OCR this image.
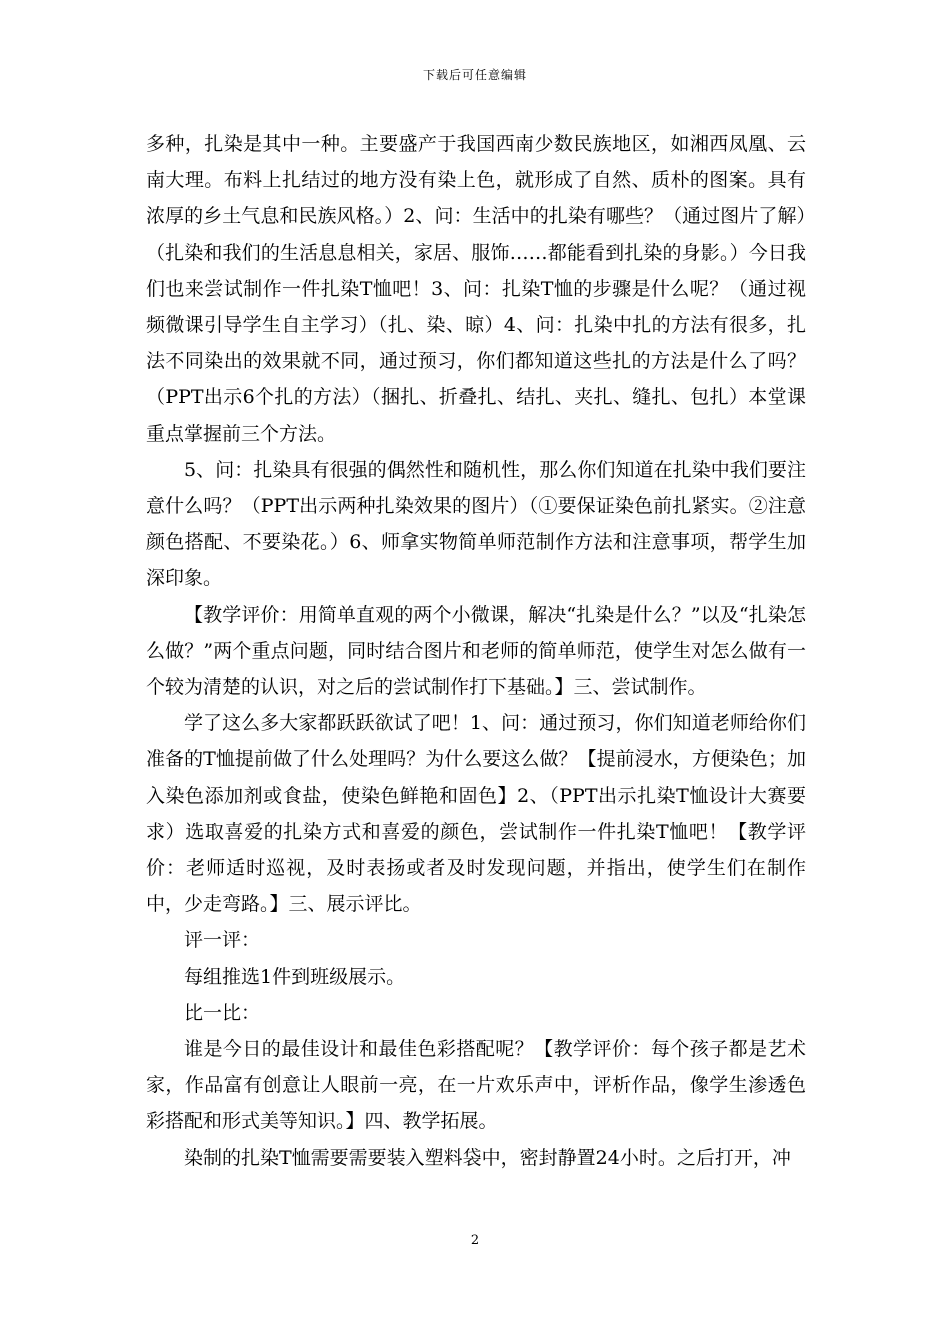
下载后可任意编辑

多种，扎染是其中一种。主要盛产于我国西南少数民族地区，如湘西凤凰、云南大理。布料上扎结过的地方没有染上色，就形成了自然、质朴的图案。具有浓厚的乡土气息和民族风格。）2、问：生活中的扎染有哪些？（通过图片了解）（扎染和我们的生活息息相关，家居、服饰……都能看到扎染的身影。）今日我们也来尝试制作一件扎染T恤吧！3、问：扎染T恤的步骤是什么呢？（通过视频微课引导学生自主学习）（扎、染、晾）4、问：扎染中扎的方法有很多，扎法不同染出的效果就不同，通过预习，你们都知道这些扎的方法是什么了吗？（PPT出示6个扎的方法）（捆扎、折叠扎、结扎、夹扎、缝扎、包扎）本堂课重点掌握前三个方法。

5、问：扎染具有很强的偶然性和随机性，那么你们知道在扎染中我们要注意什么吗？（PPT出示两种扎染效果的图片）（①要保证染色前扎紧实。②注意颜色搭配、不要染花。）6、师拿实物简单师范制作方法和注意事项，帮学生加深印象。

【教学评价：用简单直观的两个小微课，解决“扎染是什么？”以及“扎染怎么做？”两个重点问题，同时结合图片和老师的简单师范，使学生对怎么做有一个较为清楚的认识，对之后的尝试制作打下基础。】三、尝试制作。

学了这么多大家都跃跃欲试了吧！1、问：通过预习，你们知道老师给你们准备的T恤提前做了什么处理吗？为什么要这么做？【提前浸水，方便染色；加入染色添加剂或食盐，使染色鲜艳和固色】2、（PPT出示扎染T恤设计大赛要求）选取喜爱的扎染方式和喜爱的颜色，尝试制作一件扎染T恤吧！【教学评价：老师适时巡视，及时表扬或者及时发现问题，并指出，使学生们在制作中，少走弯路。】三、展示评比。

评一评：

每组推选1件到班级展示。

比一比：

谁是今日的最佳设计和最佳色彩搭配呢？【教学评价：每个孩子都是艺术家，作品富有创意让人眼前一亮，在一片欢乐声中，评析作品，像学生渗透色彩搭配和形式美等知识。】四、教学拓展。

染制的扎染T恤需要需要装入塑料袋中，密封静置24小时。之后打开，冲

2
